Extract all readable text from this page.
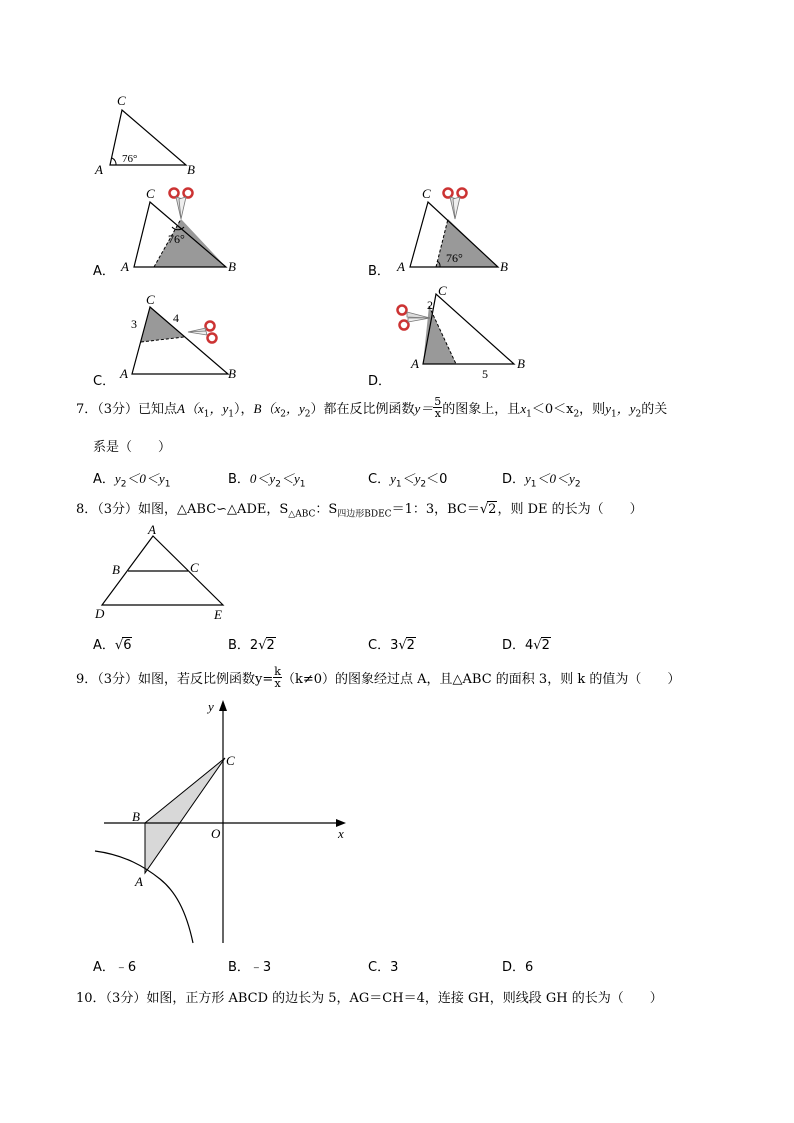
C
A	B
76°
A．
C
A	B
76°
B．
C
A	B
76°
C．
C
A	B
3	4
D．
C
A	B
2
5
7．（3分）已知点$A(x_1$，$y_1$），$B(x_2$，$y_2$）都在反比例函数$y= \frac{5}{x}$ 的图象上，且$x_1<0<x_2$，则$y_1$，$y_2$的关
系是（　　）
A．$y_2<0<y_1$	B．$0<y_2<y_1$	C．$y_1<y_2<0$	D．$y_1<0<y_2$
8．（3分）如图，△ABC∽△ADE，$S_{\triangle ABC}$：$S_{四边形BDEC}=1$：3，BC＝√2，则 DE 的长为（　　）
A
B	C
D	E
A．√6	B．2√2	C．3√2	D．4√2
9．（3分）如图，若反比例函数$y= \frac{k}{x} (k\ne 0)$的图象经过点 A，且△ABC 的面积 3，则 k 的值为（　　）
y
x
O
C
B
A
A．﹣6	B．﹣3	C．3	D．6
10．（3分）如图，正方形 ABCD 的边长为 5，AG＝CH＝4，连接 GH，则线段 GH 的长为（　　）
